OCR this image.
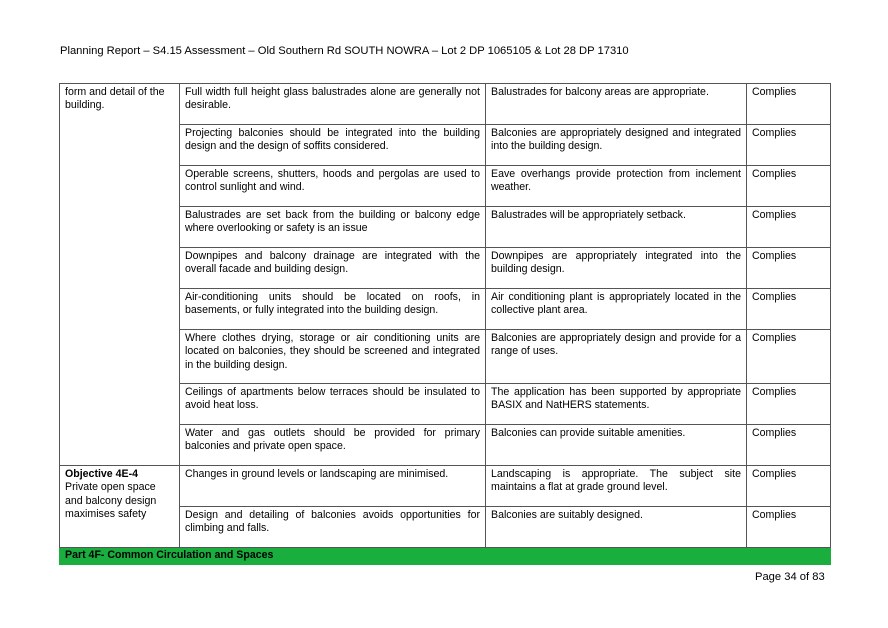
Planning Report – S4.15 Assessment – Old Southern Rd SOUTH NOWRA – Lot 2 DP 1065105 & Lot 28 DP 17310
form and detail of the building.	Full width full height glass balustrades alone are generally not desirable.	Balustrades for balcony areas are appropriate.	Complies
	Projecting balconies should be integrated into the building design and the design of soffits considered.	Balconies are appropriately designed and integrated into the building design.	Complies
	Operable screens, shutters, hoods and pergolas are used to control sunlight and wind.	Eave overhangs provide protection from inclement weather.	Complies
	Balustrades are set back from the building or balcony edge where overlooking or safety is an issue	Balustrades will be appropriately setback.	Complies
	Downpipes and balcony drainage are integrated with the overall facade and building design.	Downpipes are appropriately integrated into the building design.	Complies
	Air-conditioning units should be located on roofs, in basements, or fully integrated into the building design.	Air conditioning plant is appropriately located in the collective plant area.	Complies
	Where clothes drying, storage or air conditioning units are located on balconies, they should be screened and integrated in the building design.	Balconies are appropriately design and provide for a range of uses.	Complies
	Ceilings of apartments below terraces should be insulated to avoid heat loss.	The application has been supported by appropriate BASIX and NatHERS statements.	Complies
	Water and gas outlets should be provided for primary balconies and private open space.	Balconies can provide suitable amenities.	Complies

Objective 4E-4
Private open space and balcony design maximises safety	Changes in ground levels or landscaping are minimised.	Landscaping is appropriate. The subject site maintains a flat at grade ground level.	Complies
	Design and detailing of balconies avoids opportunities for climbing and falls.	Balconies are suitably designed.	Complies
Part 4F- Common Circulation and Spaces			
Page 34 of 83
